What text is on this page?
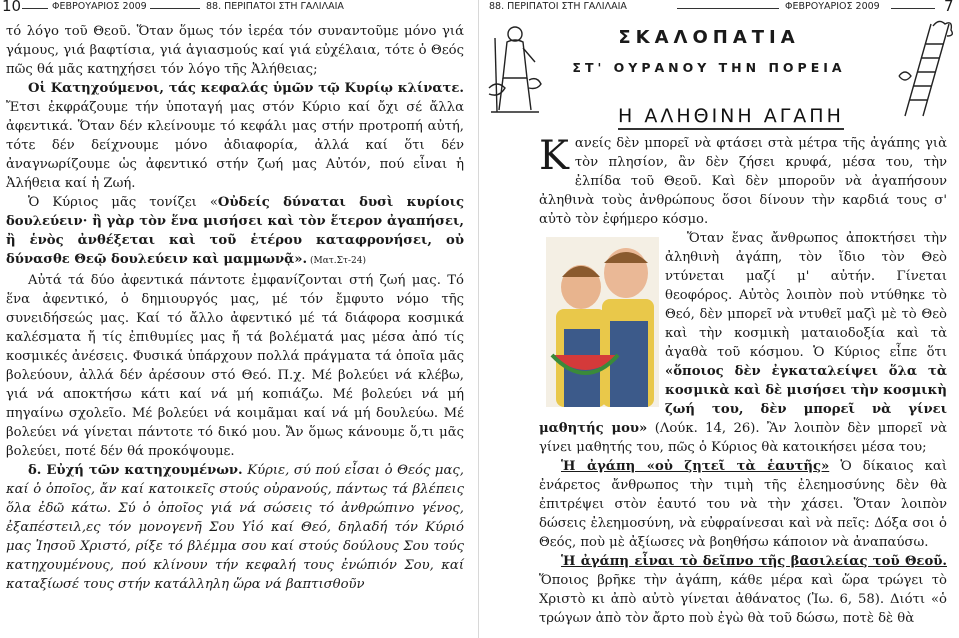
10	ΦΕΒΡΟΥΑΡΙΟΣ 2009	88. ΠΕΡΙΠΑΤΟΙ ΣΤΗ ΓΑΛΙΛΑΙΑ

τό λόγο τοῦ Θεοῦ. Ὅταν ὅμως τόν ἱερέα τόν συναντοῦμε μόνο γιά γάμους, γιά βαφτίσια, γιά ἁγιασμούς καί γιά εὐχέλαια, τότε ὁ Θεός πῶς θά μᾶς κατηχήσει τόν λόγο τῆς Ἀλήθειας;

Οἱ Κατηχούμενοι, τάς κεφαλάς ὑμῶν τῷ Κυρίῳ κλίνατε. Ἔτσι ἐκφράζουμε τήν ὑποταγή μας στόν Κύριο καί ὄχι σέ ἄλλα ἀφεντικά. Ὅταν δέν κλείνουμε τό κεφάλι μας στήν προτροπή αὐτή, τότε δέν δείχνουμε μόνο ἀδιαφορία, ἀλλά καί ὅτι δέν ἀναγνωρίζουμε ὡς ἀφεντικό στήν ζωή μας Αὐτόν, πού εἶναι ἡ Ἀλήθεια καί ἡ Ζωή.

Ὁ Κύριος μᾶς τονίζει «Οὐδείς δύναται δυσὶ κυρίοις δουλεύειν· ἢ γὰρ τὸν ἕνα μισήσει καὶ τὸν ἕτερον ἀγαπήσει, ἢ ἑνὸς ἀνθέξεται καὶ τοῦ ἑτέρου καταφρονήσει, οὐ δύνασθε Θεῷ δουλεύειν καὶ μαμμωνᾷ». (Ματ.Στ-24)

Αὐτά τά δύο ἀφεντικά πάντοτε ἐμφανίζονται στή ζωή μας. Τό ἕνα ἀφεντικό, ὁ δημιουργός μας, μέ τόν ἔμφυτο νόμο τῆς συνειδήσεώς μας. Καί τό ἄλλο ἀφεντικό μέ τά διάφορα κοσμικά καλέσματα ἤ τίς ἐπιθυμίες μας ἤ τά βολέματά μας μέσα ἀπό τίς κοσμικές ἀνέσεις. Φυσικά ὑπάρχουν πολλά πράγματα τά ὁποῖα μᾶς βολεύουν, ἀλλά δέν ἀρέσουν στό Θεό. Π.χ. Μέ βολεύει νά κλέβω, γιά νά αποκτήσω κάτι καί νά μή κοπιάζω. Μέ βολεύει νά μή πηγαίνω σχολεῖο. Μέ βολεύει νά κοιμᾶμαι καί νά μή δουλεύω. Μέ βολεύει νά γίνεται πάντοτε τό δικό μου. Ἄν ὅμως κάνουμε ὅ,τι μᾶς βολεύει, ποτέ δέν θά προκόψουμε.

δ. Εὐχή τῶν κατηχουμένων. Κύριε, σύ πού εἶσαι ὁ Θεός μας, καί ὁ ὁποῖος, ἄν καί κατοικεῖς στούς οὐρανούς, πάντως τά βλέπεις ὅλα ἐδῶ κάτω. Σύ ὁ ὁποῖος γιά νά σώσεις τό ἀνθρώπινο γένος, ἐξαπέστειλ,ες τόν μονογενῆ Σου Υἱό καί Θεό, δηλαδή τόν Κύριό μας Ἰησοῦ Χριστό, ρίξε τό βλέμμα σου καί στούς δούλους Σου τούς κατηχουμένους, πού κλίνουν τήν κεφαλή τους ἐνώπιόν Σου, καί καταξίωσέ τους στήν κατάλληλη ὥρα νά βαπτισθοῦν

88. ΠΕΡΙΠΑΤΟΙ ΣΤΗ ΓΑΛΙΛΑΙΑ	ΦΕΒΡΟΥΑΡΙΟΣ 2009	7
ΣΚΑΛΟΠΑΤΙΑ
ΣΤ' ΟΥΡΑΝΟΥ ΤΗΝ ΠΟΡΕΙΑ
Η ΑΛΗΘΙΝΗ ΑΓΑΠΗ

Κανείς δὲν μπορεῖ νὰ φτάσει στὰ μέτρα τῆς ἀγάπης γιὰ τὸν πλησίον, ἂν δὲν ζήσει κρυφά, μέσα του, τὴν ἐλπίδα τοῦ Θεοῦ. Καὶ δὲν μποροῦν νὰ ἀγαπήσουν ἀληθινὰ τοὺς ἀνθρώπους ὅσοι δίνουν τὴν καρδιά τους σ' αὐτὸ τὸν ἐφήμερο κόσμο.

Ὅταν ἕνας ἄνθρωπος ἀποκτήσει τὴν ἀληθινὴ ἀγάπη, τὸν ἴδιο τὸν Θεὸ ντύνεται μαζί μ' αὐτήν. Γίνεται θεοφόρος. Αὐτὸς λοιπὸν ποὺ ντύθηκε τὸ Θεό, δὲν μπορεῖ νὰ ντυθεῖ μαζὶ μὲ τὸ Θεὸ καὶ τὴν κοσμικὴ ματαιοδοξία καὶ τὰ ἀγαθὰ τοῦ κόσμου. Ὁ Κύριος εἶπε ὅτι «ὅποιος δὲν ἐγκαταλείψει ὅλα τὰ κοσμικὰ καὶ δὲ μισήσει τὴν κοσμικὴ ζωή του, δὲν μπορεῖ νὰ γίνει μαθητής μου» (Λούκ. 14, 26). Ἂν λοιπὸν δὲν μπορεῖ νὰ γίνει μαθητής του, πῶς ὁ Κύριος θὰ κατοικήσει μέσα του;

Ἡ ἀγάπη «οὐ ζητεῖ τὰ ἑαυτῆς» Ὁ δίκαιος καὶ ἐνάρετος ἄνθρωπος τὴν τιμὴ τῆς ἐλεημοσύνης δὲν θὰ ἐπιτρέψει στὸν ἑαυτό του νὰ τὴν χάσει. Ὅταν λοιπὸν δώσεις ἐλεημοσύνη, νὰ εὐφραίνεσαι καὶ νὰ πεῖς: Δόξα σοι ὁ Θεός, ποὺ μὲ ἀξίωσες νὰ βοηθήσω κάποιον νὰ ἀναπαύσω.

Ἡ ἀγάπη εἶναι τὸ δεῖπνο τῆς βασιλείας τοῦ Θεοῦ. Ὅποιος βρῆκε τὴν ἀγάπη, κάθε μέρα καὶ ὥρα τρώγει τὸ Χριστὸ κι ἀπὸ αὐτὸ γίνεται ἀθάνατος (Ἰω. 6, 58). Διότι «ὁ τρώγων ἀπὸ τὸν ἄρτο ποὺ ἐγὼ θὰ τοῦ δώσω, ποτὲ δὲ θὰ
